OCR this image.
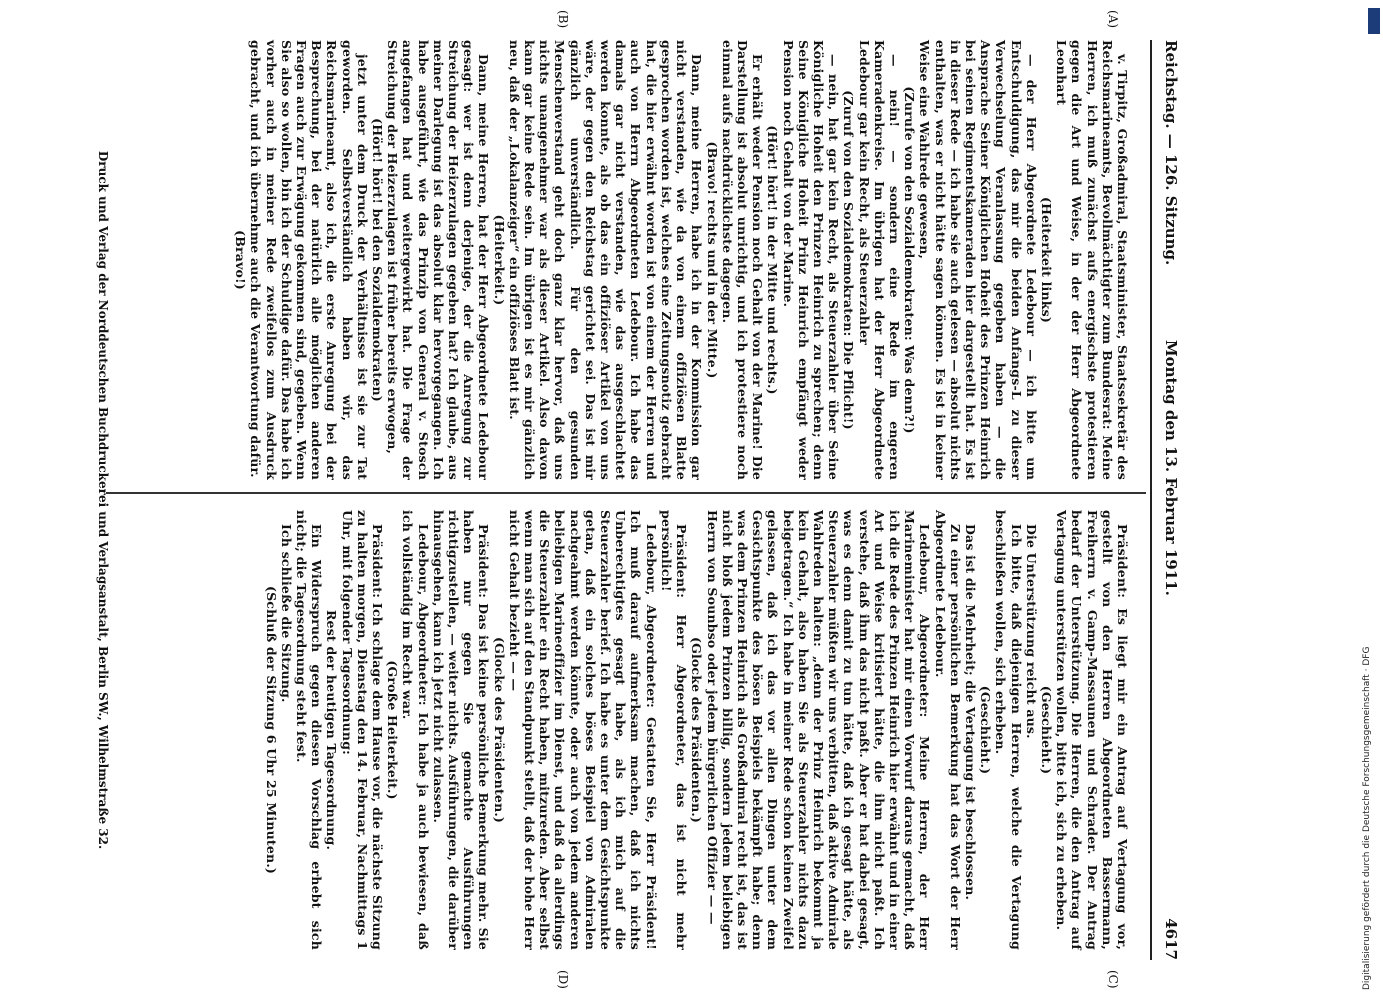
Reichstag. — 126. Sitzung.
Montag den 13. Februar 1911.
4617
(A)
(B)
(C)
(D)

v. Tirpitz, Großadmiral, Staatsminister, Staatssekretär des Reichsmarineamts, Bevollmächtigter zum Bundesrat: Meine Herren, ich muß zunächst aufs energischste protestieren gegen die Art und Weise, in der der Herr Abgeordnete Leonhart

(Heiterkeit links)

— der Herr Abgeordnete Ledebour — ich bitte um Entschuldigung, das mir die beiden Anfangs-L zu dieser Verwechselung Veranlassung gegeben haben — die Ansprache Seiner Königlichen Hoheit des Prinzen Heinrich bei seinen Regimentskameraden hier dargestellt hat. Es ist in dieser Rede — ich habe sie auch gelesen — absolut nichts enthalten, was er nicht hätte sagen können. Es ist in keiner Weise eine Wahlrede gewesen,

(Zurufe von den Sozialdemokraten: Was denn?!)

— nein! — sondern eine Rede im engeren Kameradenkreise. Im übrigen hat der Herr Abgeordnete Ledebour gar kein Recht, als Steuerzahler

(Zuruf von den Sozialdemokraten: Die Pflicht!)

— nein, hat gar kein Recht, als Steuerzahler über Seine Königliche Hoheit den Prinzen Heinrich zu sprechen; denn Seine Königliche Hoheit Prinz Heinrich empfängt weder Pension noch Gehalt von der Marine.

(Hört! hört! in der Mitte und rechts.)

Er erhält weder Pension noch Gehalt von der Marine! Die Darstellung ist absolut unrichtig, und ich protestiere noch einmal aufs nachdrücklichste dagegen.

(Bravo! rechts und in der Mitte.)

Dann, meine Herren, habe ich in der Kommission gar nicht verstanden, wie da von einem offiziösen Blatte gesprochen worden ist, welches eine Zeitungsnotiz gebracht hat, die hier erwähnt worden ist von einem der Herren und auch von Herrn Abgeordneten Ledebour. Ich habe das damals gar nicht verstanden, wie das ausgeschlachtet werden konnte, als ob das ein offiziöser Artikel von uns wäre, der gegen den Reichstag gerichtet sei. Das ist mir gänzlich unverständlich. Für den gesunden Menschenverstand geht doch ganz klar hervor, daß uns nichts unangenehmer war als dieser Artikel. Also davon kann gar keine Rede sein. Im übrigen ist es mir gänzlich neu, daß der „Lokalanzeiger“ ein offiziöses Blatt ist.

(Heiterkeit.)

Dann, meine Herren, hat der Herr Abgeordnete Ledebour gesagt: wer ist denn derjenige, der die Anregung zur Streichung der Heizerzulagen gegeben hat? Ich glaube, aus meiner Darlegung ist das absolut klar hervorgegangen. Ich habe ausgeführt, wie das Prinzip von General v. Stosch angefangen hat und weitergewirkt hat. Die Frage der Streichung der Heizerzulagen ist früher bereits erwogen,

(Hört! hört! bei den Sozialdemokraten)

jetzt unter dem Druck der Verhältnisse ist sie zur Tat geworden. Selbstverständlich haben wir, das Reichsmarineamt, also ich, die erste Anregung bei der Besprechung, bei der natürlich alle möglichen anderen Fragen auch zur Erwägung gekommen sind, gegeben. Wenn Sie also so wollen, bin ich der Schuldige dafür. Das habe ich vorher auch in meiner Rede zweifellos zum Ausdruck gebracht, und ich übernehme auch die Verantwortung dafür.

(Bravo!)

Präsident: Es liegt mir ein Antrag auf Vertagung vor, gestellt von den Herren Abgeordneten Bassermann, Freiherrn v. Gamp-Massaunen und Schrader. Der Antrag bedarf der Unterstützung. Die Herren, die den Antrag auf Vertagung unterstützen wollen, bitte ich, sich zu erheben.

(Geschieht.)

Die Unterstützung reicht aus.

Ich bitte, daß diejenigen Herren, welche die Vertagung beschließen wollen, sich erheben.

(Geschieht.)

Das ist die Mehrheit; die Vertagung ist beschlossen.

Zu einer persönlichen Bemerkung hat das Wort der Herr Abgeordnete Ledebour.

Ledebour, Abgeordneter: Meine Herren, der Herr Marineminister hat mir einen Vorwurf daraus gemacht, daß ich die Rede des Prinzen Heinrich hier erwähnt und in einer Art und Weise kritisiert hätte, die ihm nicht paßt. Ich verstehe, daß ihm das nicht paßt. Aber er hat dabei gesagt, was es denn damit zu tun hätte, daß ich gesagt hätte, als Steuerzahler müßten wir uns verbitten, daß aktive Admirale Wahlreden halten: „denn der Prinz Heinrich bekommt ja kein Gehalt, also haben Sie als Steuerzahler nichts dazu beigetragen.“ Ich habe in meiner Rede schon keinen Zweifel gelassen, daß ich das vor allen Dingen unter dem Gesichtspunkte des bösen Beispiels bekämpft habe; denn was dem Prinzen Heinrich als Großadmiral recht ist, das ist nicht bloß jedem Prinzen billig, sondern jedem beliebigen Herrn von Sounbso oder jedem bürgerlichen Offizier — —

(Glocke des Präsidenten.)

Präsident: Herr Abgeordneter, das ist nicht mehr persönlich!

Ledebour, Abgeordneter: Gestatten Sie, Herr Präsident! Ich muß darauf aufmerksam machen, daß ich nichts Unberechtigtes gesagt habe, als ich mich auf die Steuerzahler berief. Ich habe es unter dem Gesichtspunkte getan, daß ein solches böses Beispiel von Admiralen nachgeahmt werden könnte, oder auch von jedem anderen beliebigen Marineoffizier im Dienst, und daß da allerdings die Steuerzahler ein Recht haben, mitzureden. Aber selbst wenn man sich auf den Standpunkt stellt, daß der hohe Herr nicht Gehalt bezieht — —

(Glocke des Präsidenten.)

Präsident: Das ist keine persönliche Bemerkung mehr. Sie haben nur gegen Sie gemachte Ausführungen richtigzustellen, — weiter nichts. Ausführungen, die darüber hinausgehen, kann ich jetzt nicht zulassen.

Ledebour, Abgeordneter: Ich habe ja auch bewiesen, daß ich vollständig im Recht war.

(Große Heiterkeit.)

Präsident: Ich schlage dem Hause vor, die nächste Sitzung zu halten morgen, Dienstag den 14. Februar, Nachmittags 1 Uhr, mit folgender Tagesordnung:

Rest der heutigen Tagesordnung.

Ein Widerspruch gegen diesen Vorschlag erhebt sich nicht; die Tagesordnung steht fest.

Ich schließe die Sitzung.

(Schluß der Sitzung 6 Uhr 25 Minuten.)

Druck und Verlag der Norddeutschen Buchdruckerei und Verlagsanstalt, Berlin SW., Wilhelmstraße 32.	Digitalisierung gefördert durch die Deutsche Forschungsgemeinschaft · DFG
